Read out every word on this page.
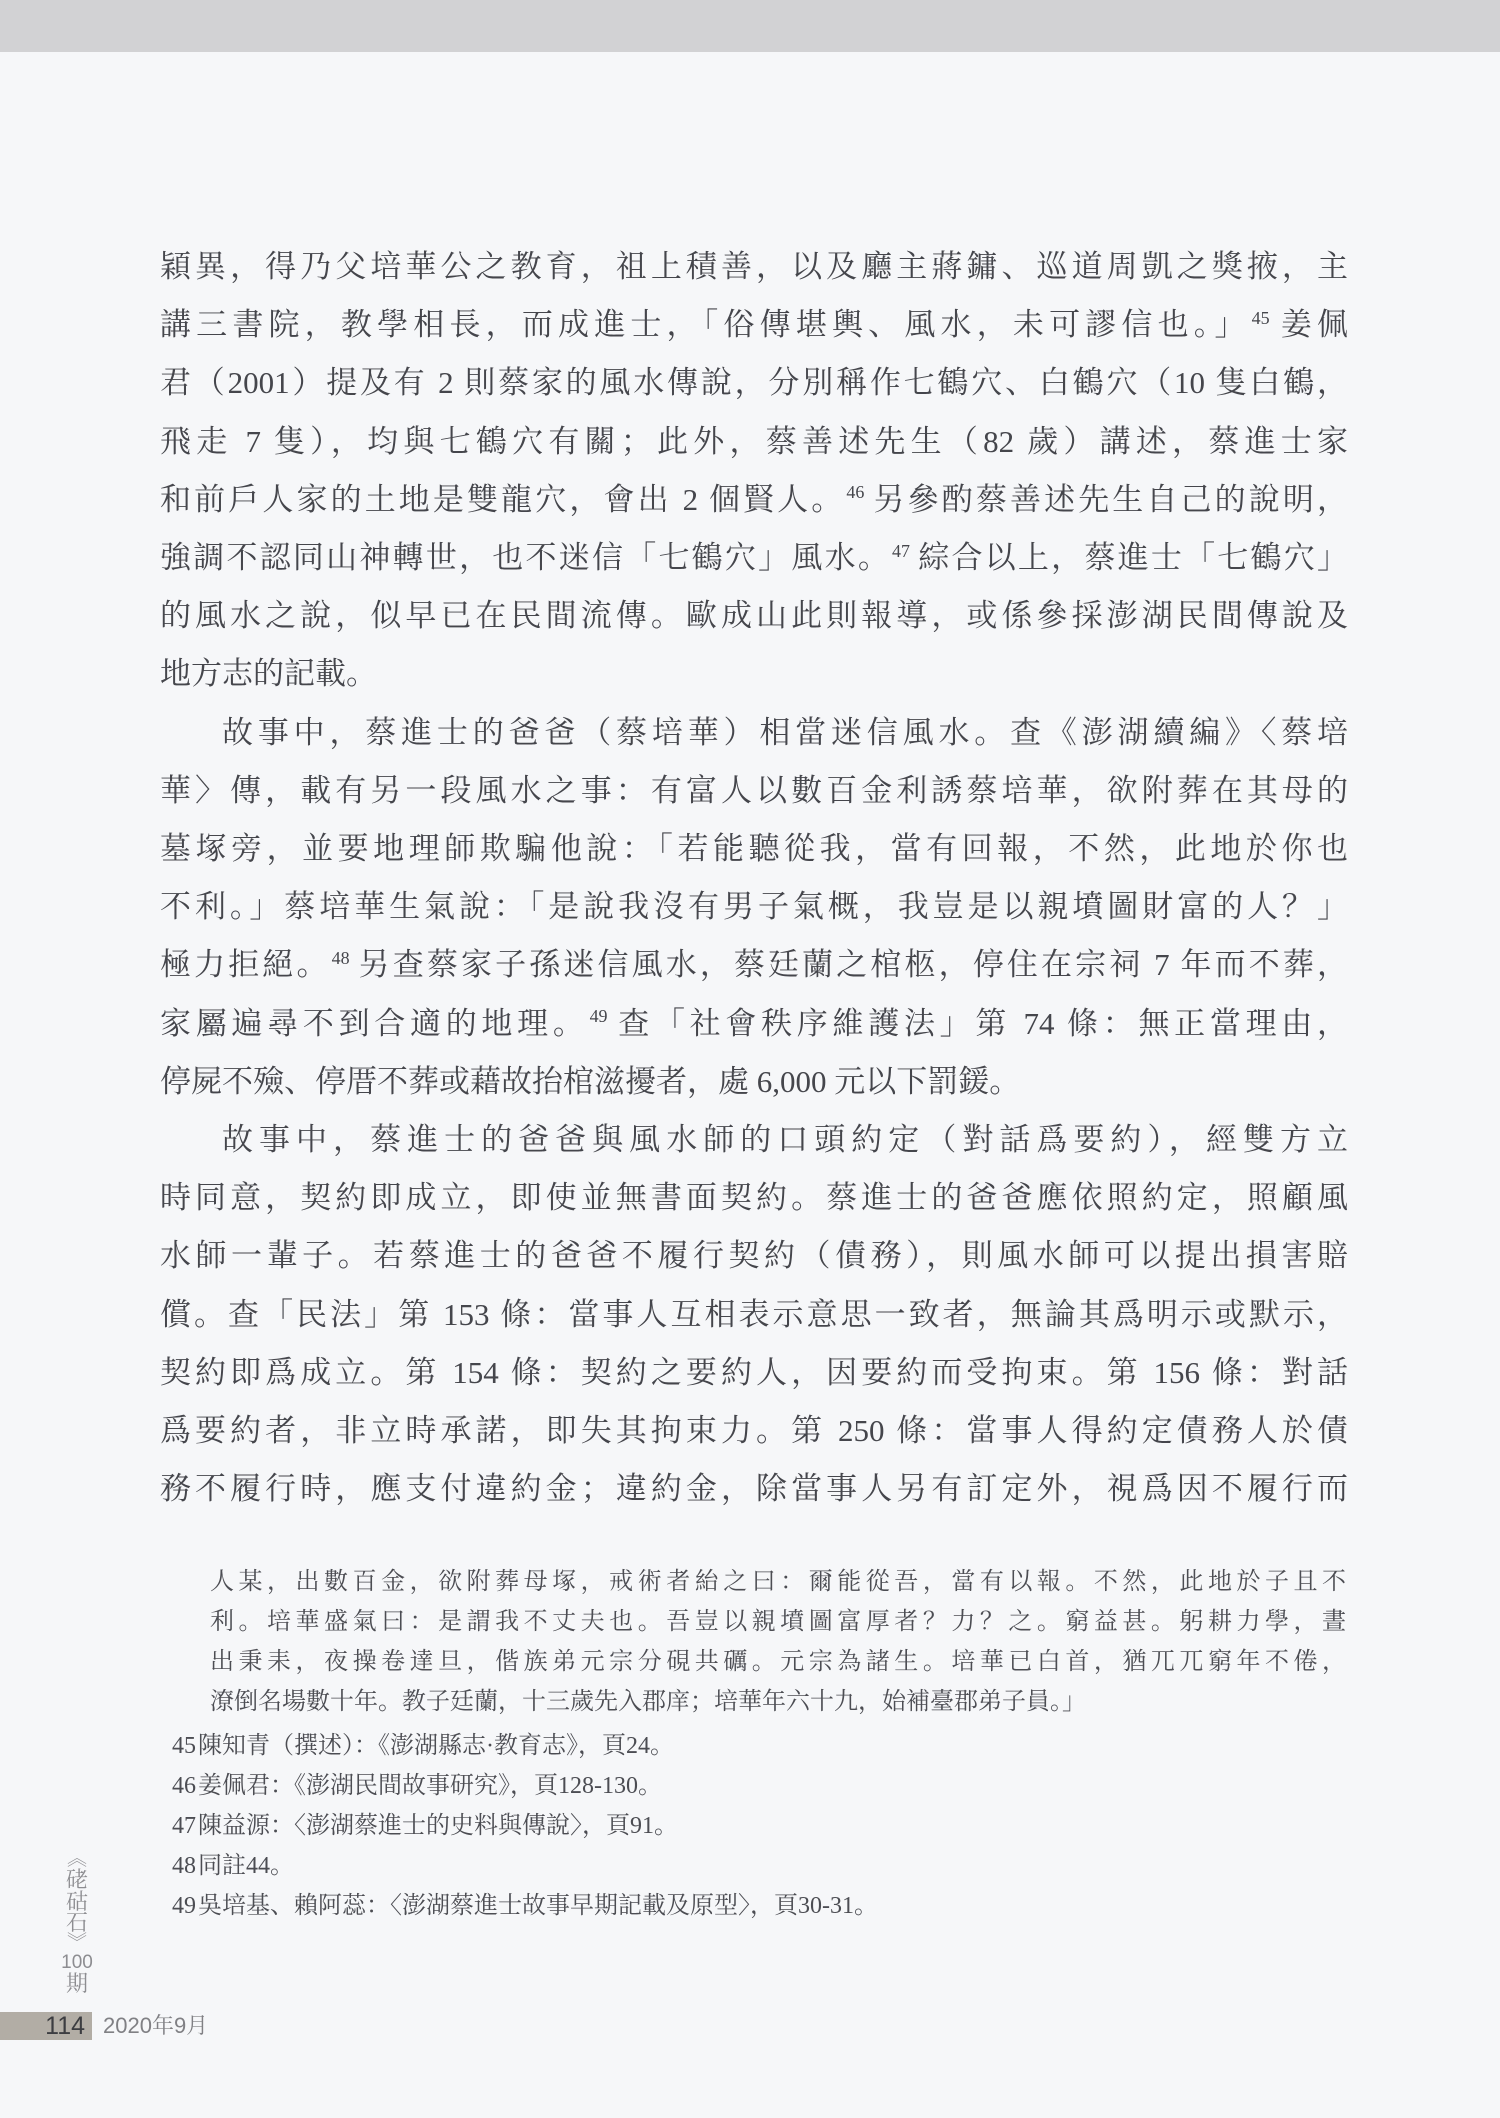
穎異，得乃父培華公之教育，祖上積善，以及廳主蔣鏞、巡道周凱之獎掖，主
講三書院，教學相長，而成進士，「俗傳堪輿、風水，未可謬信也。」$^{45}$ 姜佩
君（2001）提及有 2 則蔡家的風水傳說，分別稱作七鶴穴、白鶴穴（10 隻白鶴，
飛走 7 隻），均與七鶴穴有關；此外，蔡善述先生（82 歲）講述，蔡進士家
和前戶人家的土地是雙龍穴，會出 2 個賢人。$^{46}$ 另參酌蔡善述先生自己的說明，
強調不認同山神轉世，也不迷信「七鶴穴」風水。$^{47}$ 綜合以上，蔡進士「七鶴穴」
的風水之說，似早已在民間流傳。歐成山此則報導，或係參採澎湖民間傳說及
地方志的記載。
故事中，蔡進士的爸爸（蔡培華）相當迷信風水。查《澎湖續編》〈蔡培
華〉傳，載有另一段風水之事：有富人以數百金利誘蔡培華，欲附葬在其母的
墓塚旁，並要地理師欺騙他說：「若能聽從我，當有回報，不然，此地於你也
不利。」蔡培華生氣說：「是說我沒有男子氣概，我豈是以親墳圖財富的人？」
極力拒絕。$^{48}$ 另查蔡家子孫迷信風水，蔡廷蘭之棺柩，停住在宗祠 7 年而不葬，
家屬遍尋不到合適的地理。$^{49}$ 查「社會秩序維護法」第 74 條：無正當理由，
停屍不殮、停厝不葬或藉故抬棺滋擾者，處 6,000 元以下罰鍰。
故事中，蔡進士的爸爸與風水師的口頭約定（對話爲要約），經雙方立
時同意，契約即成立，即使並無書面契約。蔡進士的爸爸應依照約定，照顧風
水師一輩子。若蔡進士的爸爸不履行契約（債務），則風水師可以提出損害賠
償。查「民法」第 153 條：當事人互相表示意思一致者，無論其爲明示或默示，
契約即爲成立。第 154 條：契約之要約人，因要約而受拘束。第 156 條：對話
爲要約者，非立時承諾，即失其拘束力。第 250 條：當事人得約定債務人於債
務不履行時，應支付違約金；違約金，除當事人另有訂定外，視爲因不履行而
人某，出數百金，欲附葬母塚，戒術者紿之曰：爾能從吾，當有以報。不然，此地於子且不
利。培華盛氣曰：是謂我不丈夫也。吾豈以親墳圖富厚者？力？之。窮益甚。躬耕力學，晝
出秉耒，夜操卷達旦，偕族弟元宗分硯共礪。元宗為諸生。培華已白首，猶兀兀窮年不倦，
潦倒名場數十年。教子廷蘭，十三歲先入郡庠；培華年六十九，始補臺郡弟子員。」
45陳知青（撰述）：《澎湖縣志·教育志》，頁24。
46姜佩君：《澎湖民間故事研究》，頁128-130。
47陳益源：〈澎湖蔡進士的史料與傳說〉，頁91。
48同註44。
49吳培基、賴阿蕊：〈澎湖蔡進士故事早期記載及原型〉，頁30-31。
︽
硓
𥑮
石
︾
100
期
114 2020年9月
